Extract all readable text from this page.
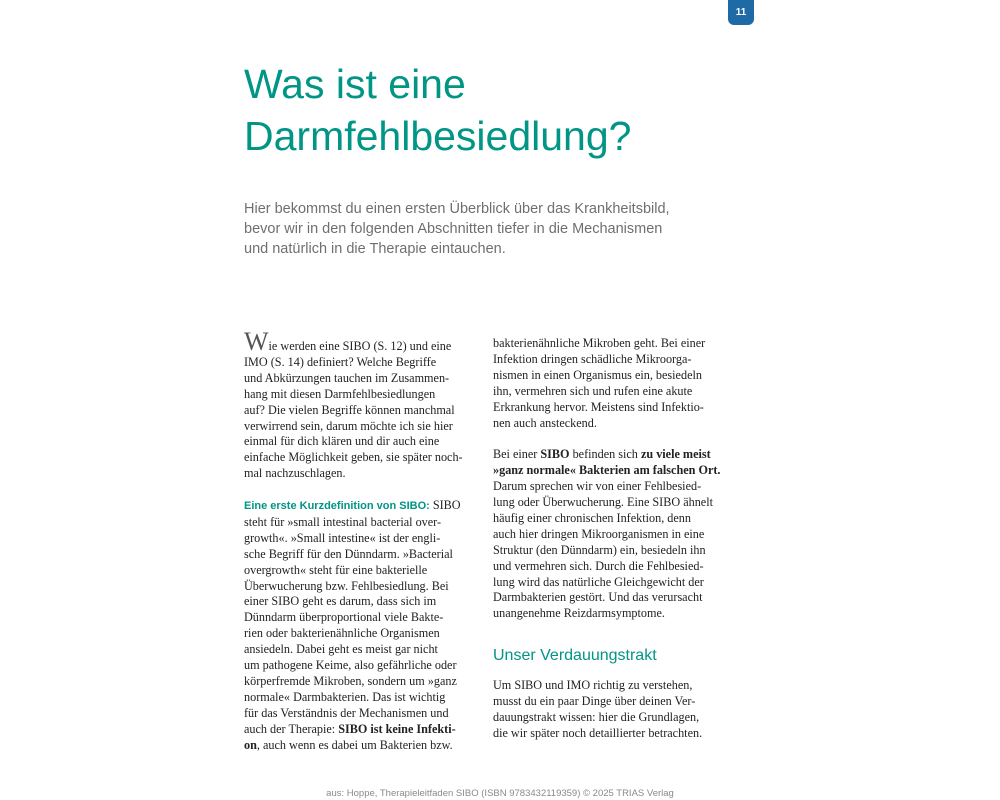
11
Was ist eine
Darmfehlbesiedlung?
Hier bekommst du einen ersten Überblick über das Krankheitsbild,
bevor wir in den folgenden Abschnitten tiefer in die Mechanismen
und natürlich in die Therapie eintauchen.
Wie werden eine SIBO (S. 12) und eine
IMO (S. 14) definiert? Welche Begriffe
und Abkürzungen tauchen im Zusammen-
hang mit diesen Darmfehlbesiedlungen
auf? Die vielen Begriffe können manchmal
verwirrend sein, darum möchte ich sie hier
einmal für dich klären und dir auch eine
einfache Möglichkeit geben, sie später noch-
mal nachzuschlagen.
Eine erste Kurzdefinition von SIBO: SIBO
steht für »small intestinal bacterial over-
growth«. »Small intestine« ist der engli-
sche Begriff für den Dünndarm. »Bacterial
overgrowth« steht für eine bakterielle
Überwucherung bzw. Fehlbesiedlung. Bei
einer SIBO geht es darum, dass sich im
Dünndarm überproportional viele Bakte-
rien oder bakterienähnliche Organismen
ansiedeln. Dabei geht es meist gar nicht
um pathogene Keime, also gefährliche oder
körperfremde Mikroben, sondern um »ganz
normale« Darmbakterien. Das ist wichtig
für das Verständnis der Mechanismen und
auch der Therapie: SIBO ist keine Infekti-
on, auch wenn es dabei um Bakterien bzw.
bakterienähnliche Mikroben geht. Bei einer
Infektion dringen schädliche Mikroorga-
nismen in einen Organismus ein, besiedeln
ihn, vermehren sich und rufen eine akute
Erkrankung hervor. Meistens sind Infektio-
nen auch ansteckend.
Bei einer SIBO befinden sich zu viele meist
»ganz normale« Bakterien am falschen Ort.
Darum sprechen wir von einer Fehlbesied-
lung oder Überwucherung. Eine SIBO ähnelt
häufig einer chronischen Infektion, denn
auch hier dringen Mikroorganismen in eine
Struktur (den Dünndarm) ein, besiedeln ihn
und vermehren sich. Durch die Fehlbesied-
lung wird das natürliche Gleichgewicht der
Darmbakterien gestört. Und das verursacht
unangenehme Reizdarmsymptome.
Unser Verdauungstrakt
Um SIBO und IMO richtig zu verstehen,
musst du ein paar Dinge über deinen Ver-
dauungstrakt wissen: hier die Grundlagen,
die wir später noch detaillierter betrachten.
aus: Hoppe, Therapieleitfaden SIBO (ISBN 9783432119359) © 2025 TRIAS Verlag
